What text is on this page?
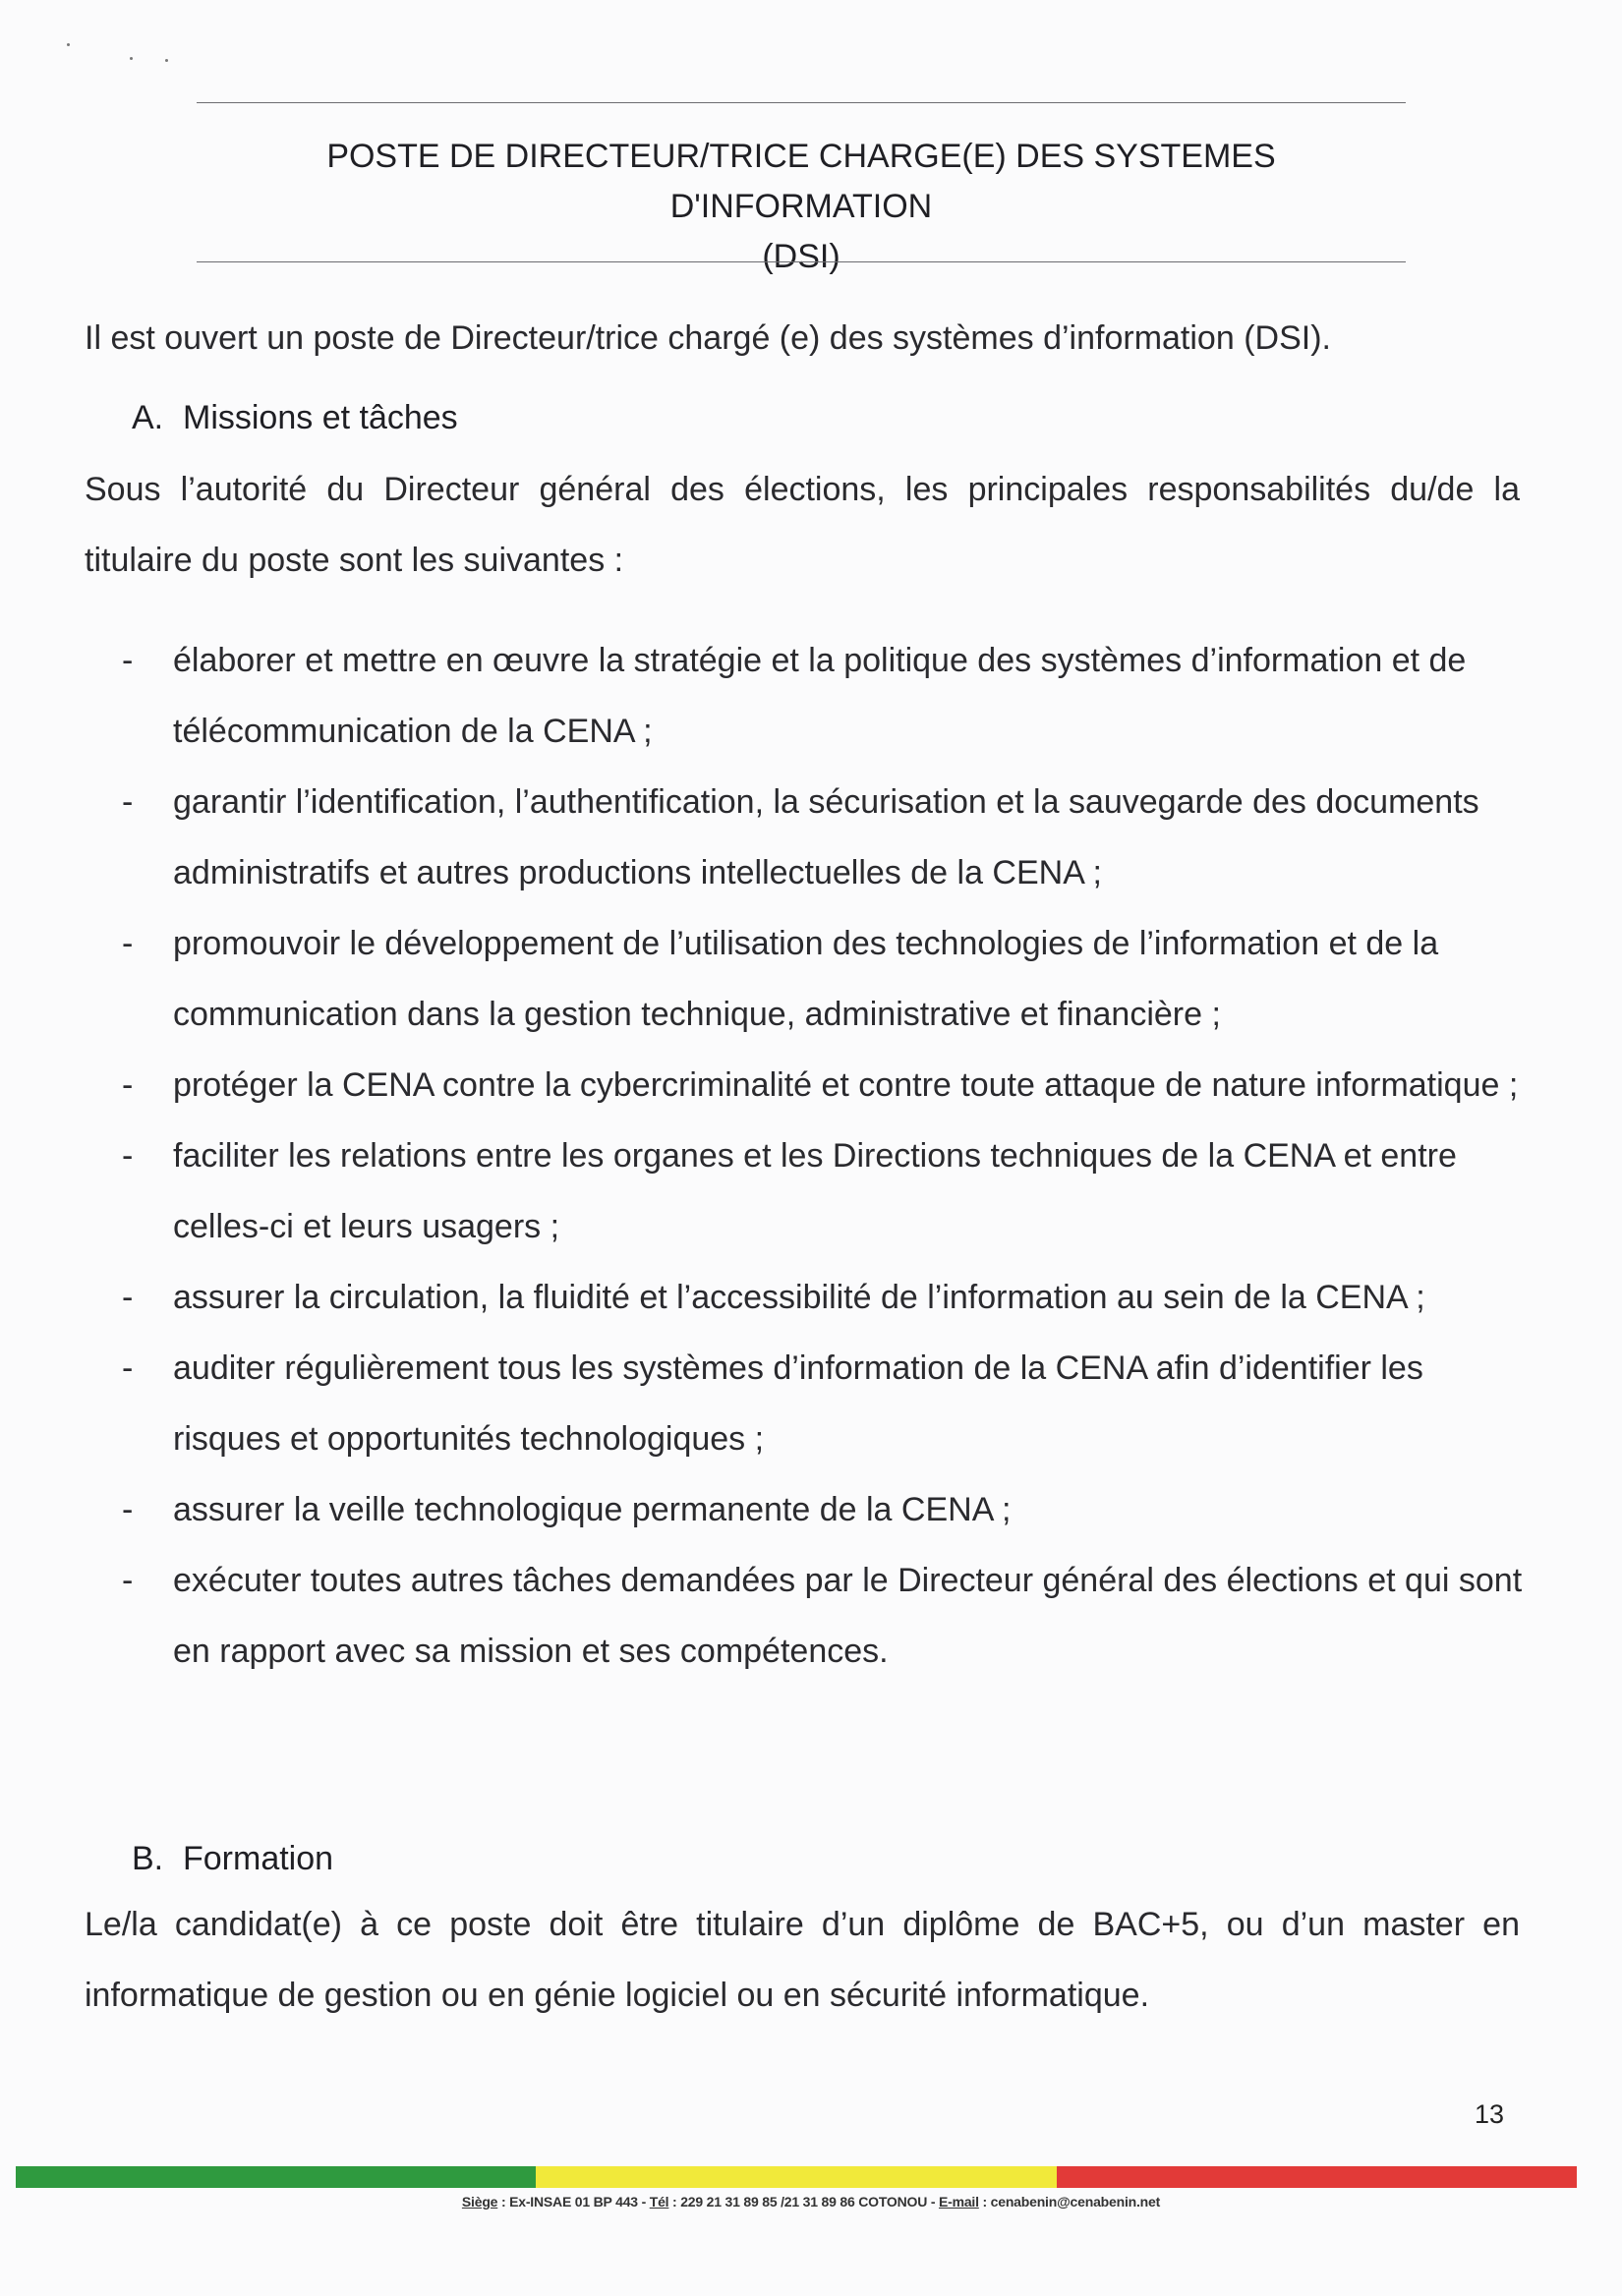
POSTE DE DIRECTEUR/TRICE CHARGE(E) DES SYSTEMES D'INFORMATION
(DSI)
Il est ouvert un poste de Directeur/trice chargé (e) des systèmes d’information (DSI).
A. Missions et tâches
Sous l’autorité du Directeur général des élections, les principales responsabilités du/de la titulaire du poste sont les suivantes :
- élaborer et mettre en œuvre la stratégie et la politique des systèmes d’information et de télécommunication de la CENA ;
- garantir l’identification, l’authentification, la sécurisation et la sauvegarde des documents administratifs et autres productions intellectuelles de la CENA ;
- promouvoir le développement de l’utilisation des technologies de l’information et de la communication dans la gestion technique, administrative et financière ;
- protéger la CENA contre la cybercriminalité et contre toute attaque de nature informatique ;
- faciliter les relations entre les organes et les Directions techniques de la CENA et entre celles-ci et leurs usagers ;
- assurer la circulation, la fluidité et l’accessibilité de l’information au sein de la CENA ;
- auditer régulièrement tous les systèmes d’information de la CENA afin d’identifier les risques et opportunités technologiques ;
- assurer la veille technologique permanente de la CENA ;
- exécuter toutes autres tâches demandées par le Directeur général des élections et qui sont en rapport avec sa mission et ses compétences.
B. Formation
Le/la candidat(e) à ce poste doit être titulaire d’un diplôme de BAC+5, ou d’un master en informatique de gestion ou en génie logiciel ou en sécurité informatique.
13
Siège : Ex-INSAE 01 BP 443 - Tél : 229 21 31 89 85 /21 31 89 86 COTONOU - E-mail : cenabenin@cenabenin.net
